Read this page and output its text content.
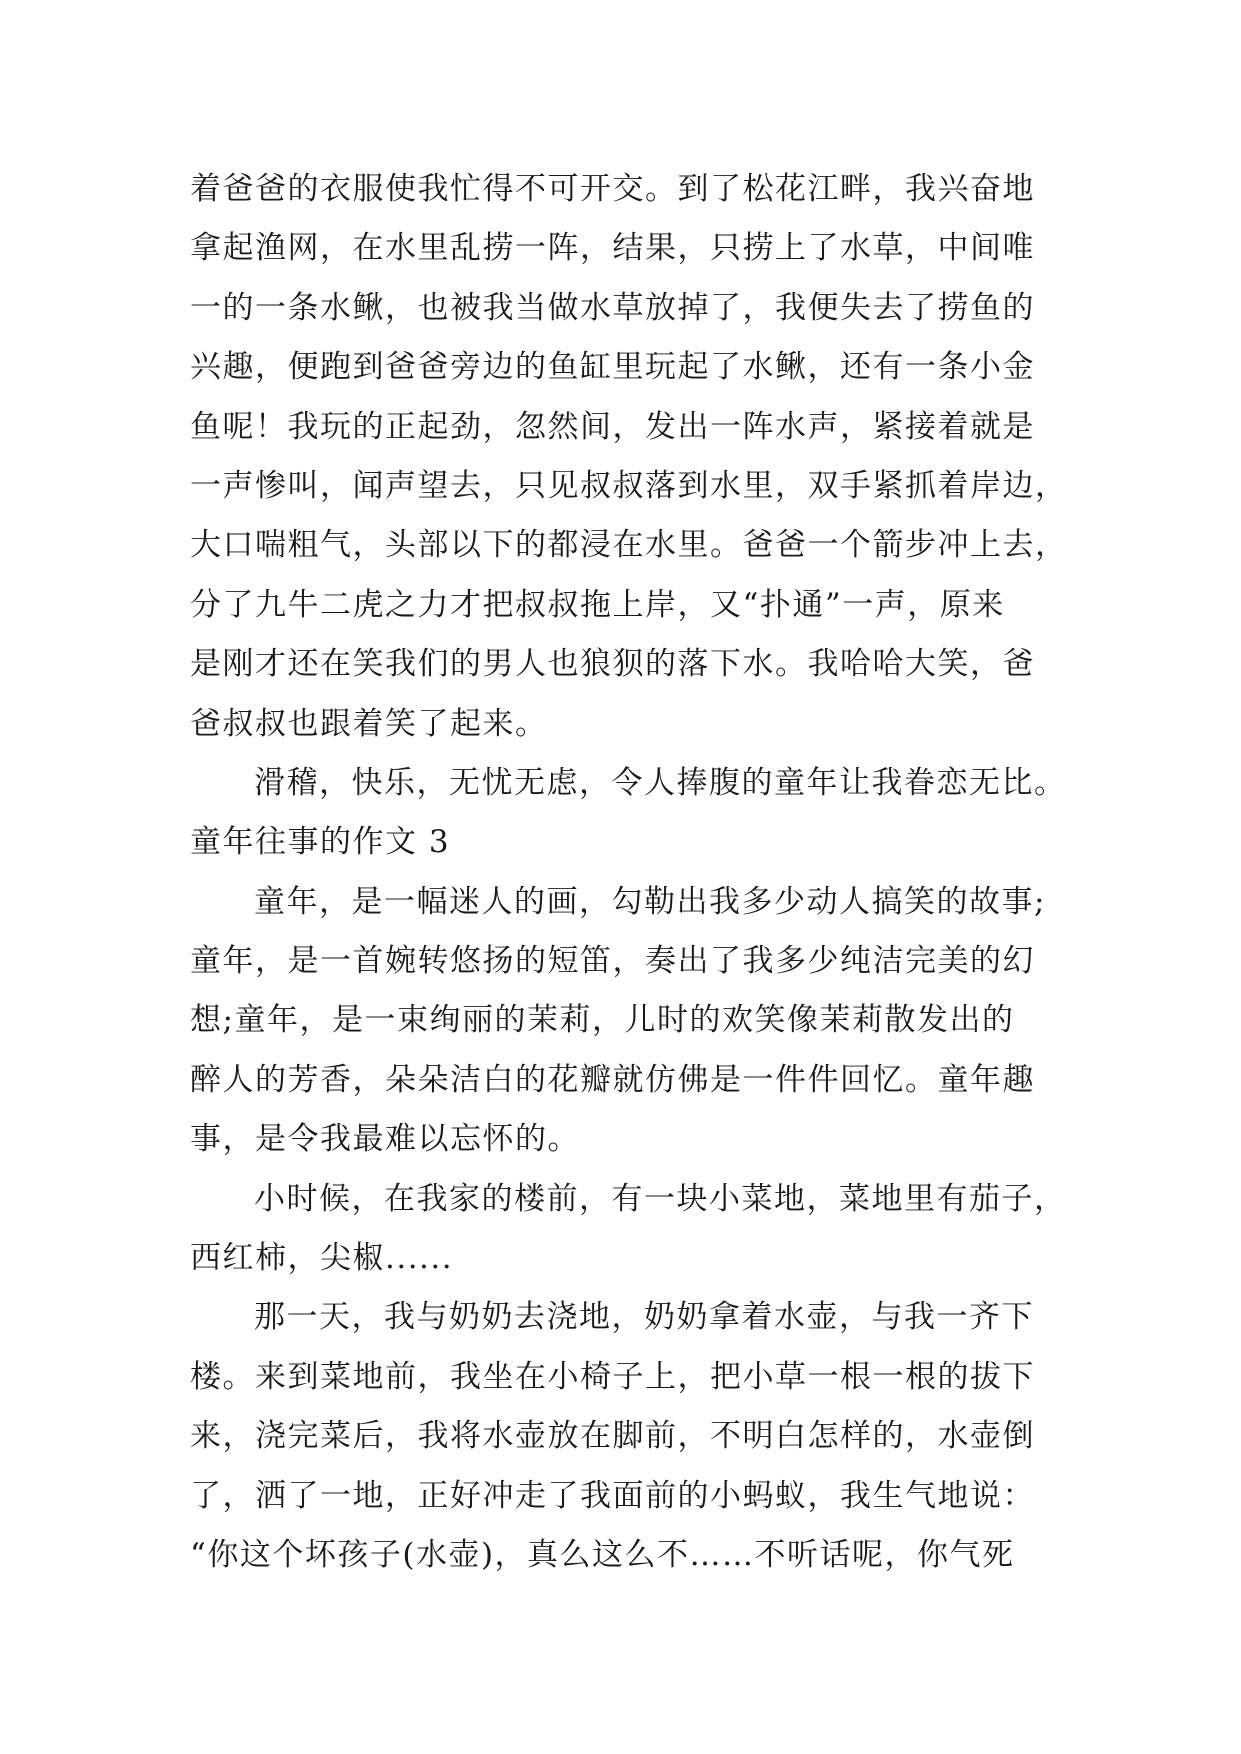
着爸爸的衣服使我忙得不可开交。到了松花江畔，我兴奋地
拿起渔网，在水里乱捞一阵，结果，只捞上了水草，中间唯
一的一条水鳅，也被我当做水草放掉了，我便失去了捞鱼的
兴趣，便跑到爸爸旁边的鱼缸里玩起了水鳅，还有一条小金
鱼呢！我玩的正起劲，忽然间，发出一阵水声，紧接着就是
一声惨叫，闻声望去，只见叔叔落到水里，双手紧抓着岸边，
大口喘粗气，头部以下的都浸在水里。爸爸一个箭步冲上去，
分了九牛二虎之力才把叔叔拖上岸，又“扑通”一声，原来
是刚才还在笑我们的男人也狼狈的落下水。我哈哈大笑，爸
爸叔叔也跟着笑了起来。
滑稽，快乐，无忧无虑，令人捧腹的童年让我眷恋无比。
童年往事的作文 3
童年，是一幅迷人的画，勾勒出我多少动人搞笑的故事;
童年，是一首婉转悠扬的短笛，奏出了我多少纯洁完美的幻
想;童年，是一束绚丽的茉莉，儿时的欢笑像茉莉散发出的
醉人的芳香，朵朵洁白的花瓣就仿佛是一件件回忆。童年趣
事，是令我最难以忘怀的。
小时候，在我家的楼前，有一块小菜地，菜地里有茄子，
西红柿，尖椒......
那一天，我与奶奶去浇地，奶奶拿着水壶，与我一齐下
楼。来到菜地前，我坐在小椅子上，把小草一根一根的拔下
来，浇完菜后，我将水壶放在脚前，不明白怎样的，水壶倒
了，洒了一地，正好冲走了我面前的小蚂蚁，我生气地说：
“你这个坏孩子(水壶)，真么这么不……不听话呢，你气死
